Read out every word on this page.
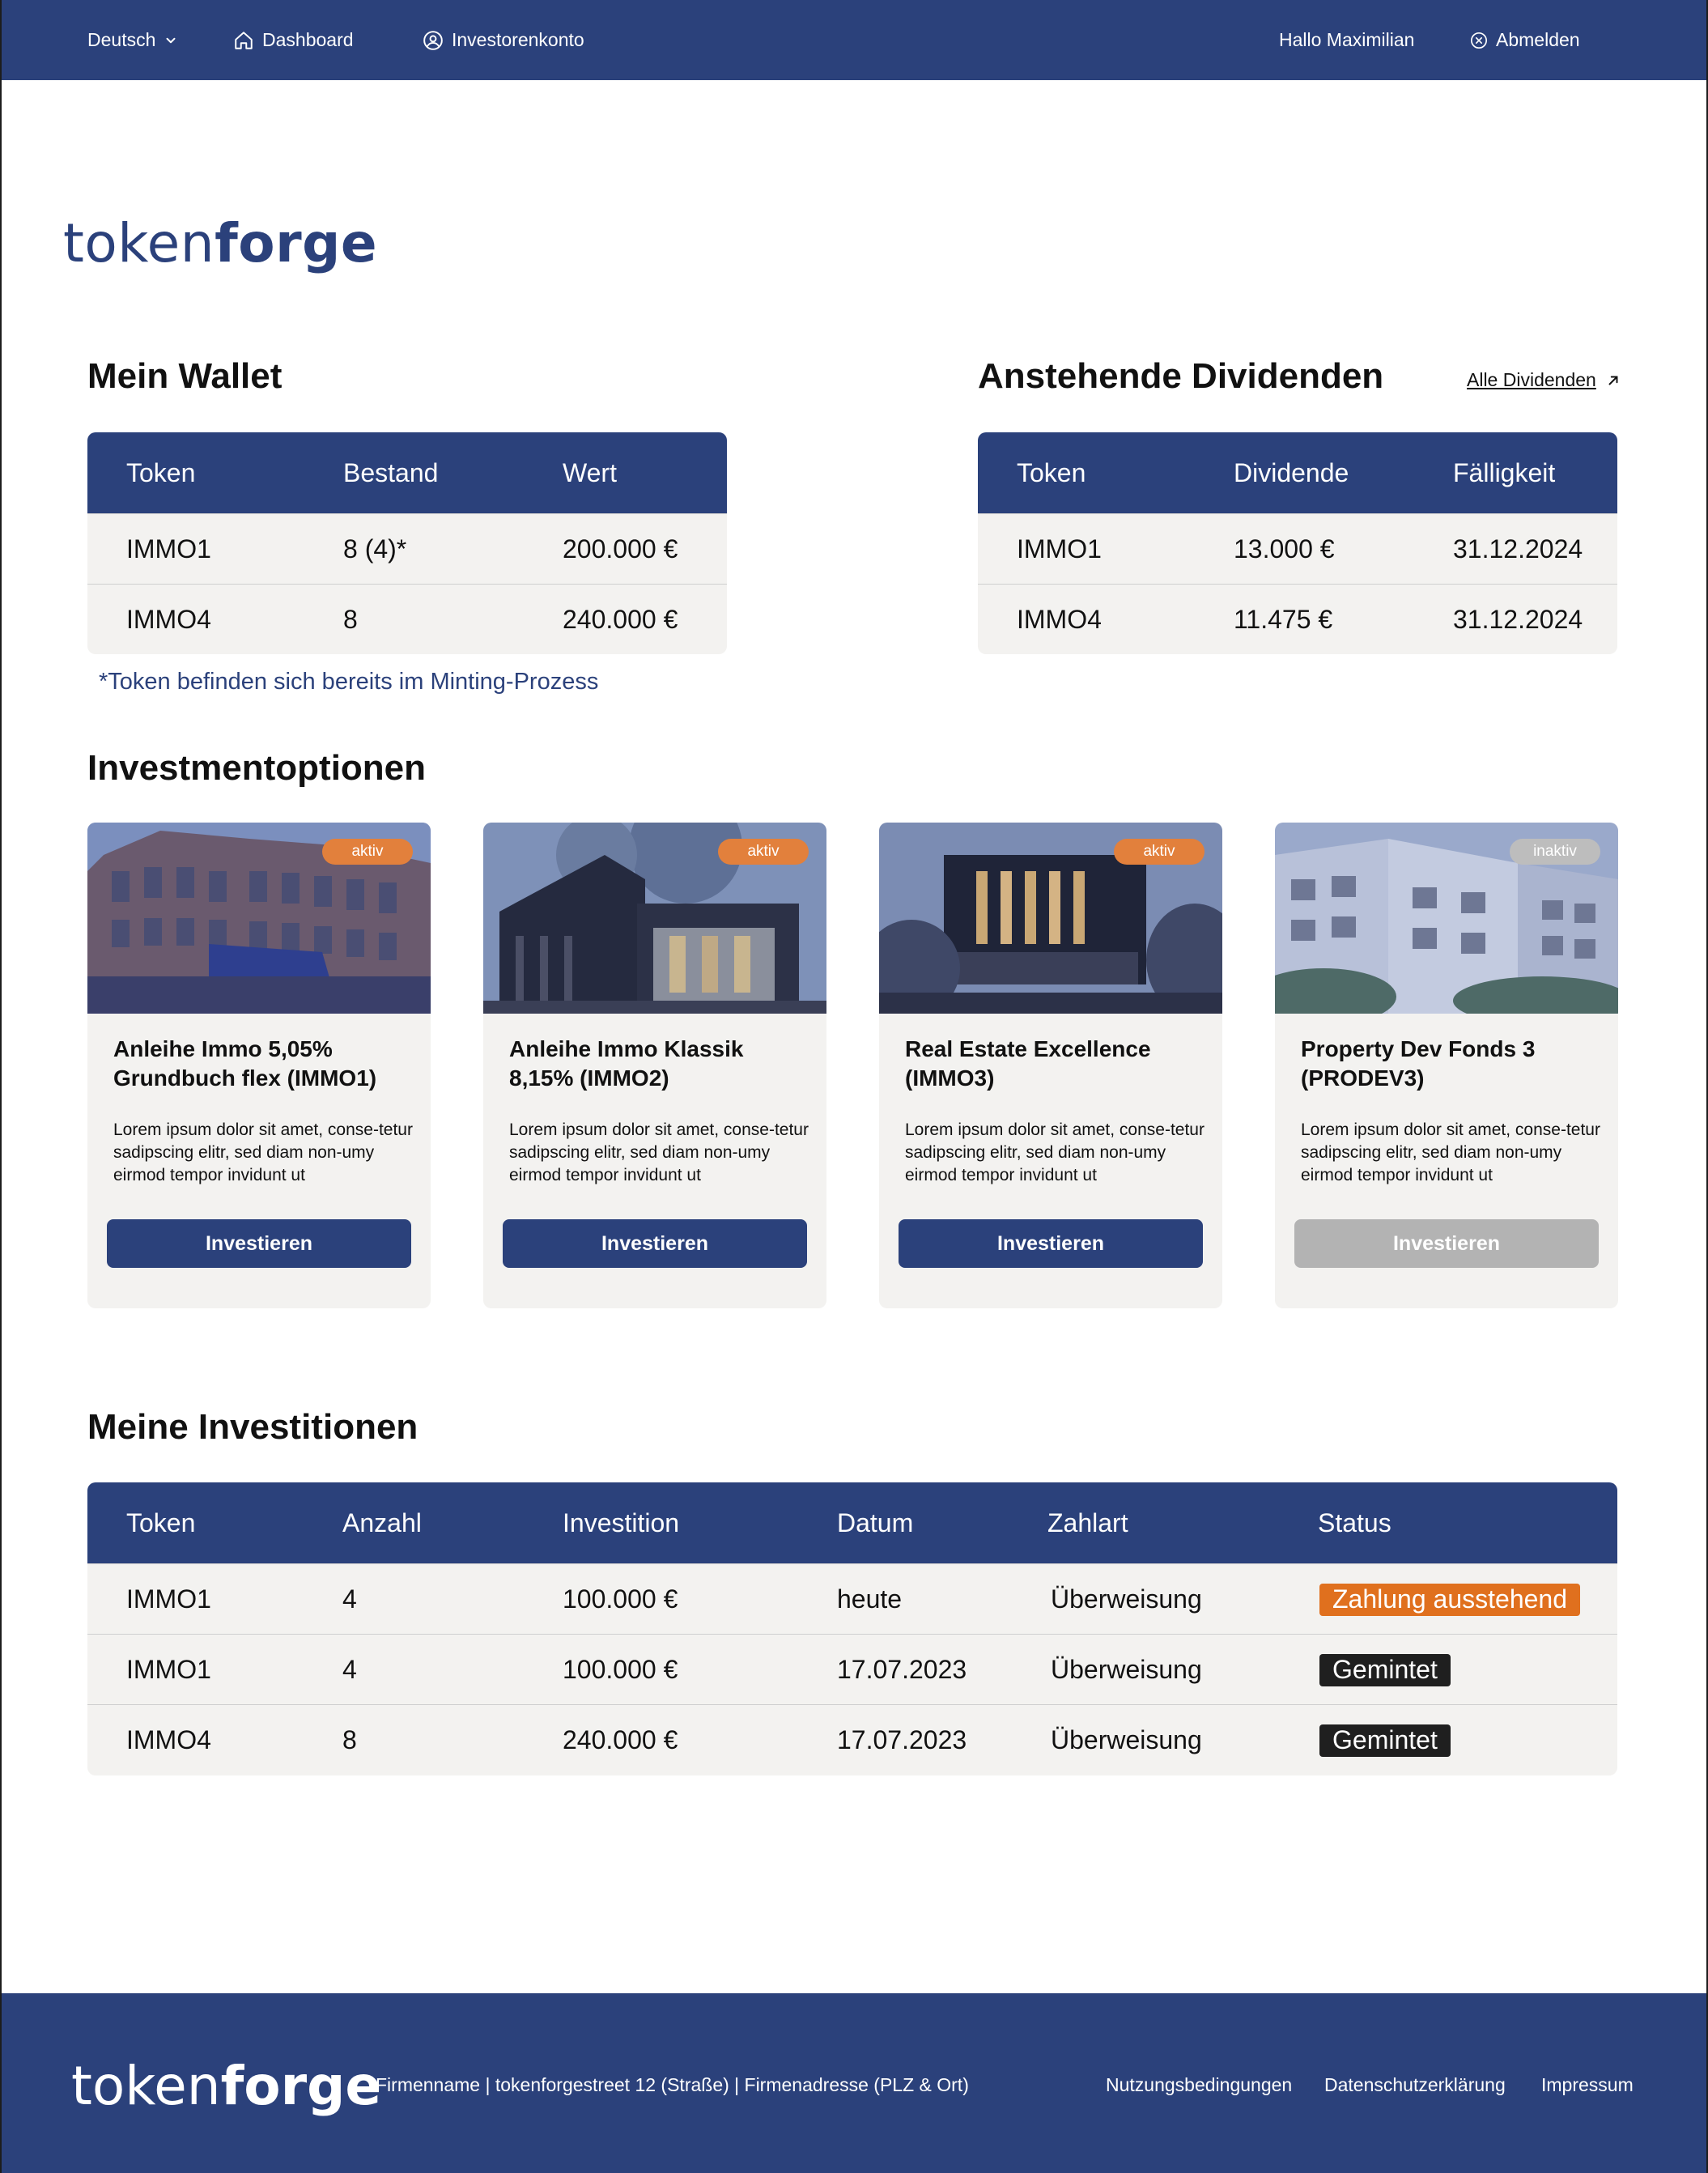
Deutsch	Dashboard	Investorenkonto	Hallo Maximilian	Abmelden
tokenforge
Mein Wallet
Token	Bestand	Wert
IMMO1	8 (4)*	200.000 €
IMMO4	8	240.000 €
*Token befinden sich bereits im Minting-Prozess
Anstehende Dividenden	Alle Dividenden
Token	Dividende	Fälligkeit
IMMO1	13.000 €	31.12.2024
IMMO4	11.475 €	31.12.2024
Investmentoptionen
aktiv
Anleihe Immo 5,05% Grundbuch flex (IMMO1)
Lorem ipsum dolor sit amet, conse-tetur sadipscing elitr, sed diam non-umy eirmod tempor invidunt ut
Investieren
aktiv
Anleihe Immo Klassik 8,15% (IMMO2)
Lorem ipsum dolor sit amet, conse-tetur sadipscing elitr, sed diam non-umy eirmod tempor invidunt ut
Investieren
aktiv
Real Estate Excellence (IMMO3)
Lorem ipsum dolor sit amet, conse-tetur sadipscing elitr, sed diam non-umy eirmod tempor invidunt ut
Investieren
inaktiv
Property Dev Fonds 3 (PRODEV3)
Lorem ipsum dolor sit amet, conse-tetur sadipscing elitr, sed diam non-umy eirmod tempor invidunt ut
Investieren
Meine Investitionen
Token	Anzahl	Investition	Datum	Zahlart	Status
IMMO1	4	100.000 €	heute	Überweisung	Zahlung ausstehend
IMMO1	4	100.000 €	17.07.2023	Überweisung	Gemintet
IMMO4	8	240.000 €	17.07.2023	Überweisung	Gemintet
tokenforge
Firmenname | tokenforgestreet 12 (Straße) | Firmenadresse (PLZ & Ort)	Nutzungsbedingungen Datenschutzerklärung Impressum
